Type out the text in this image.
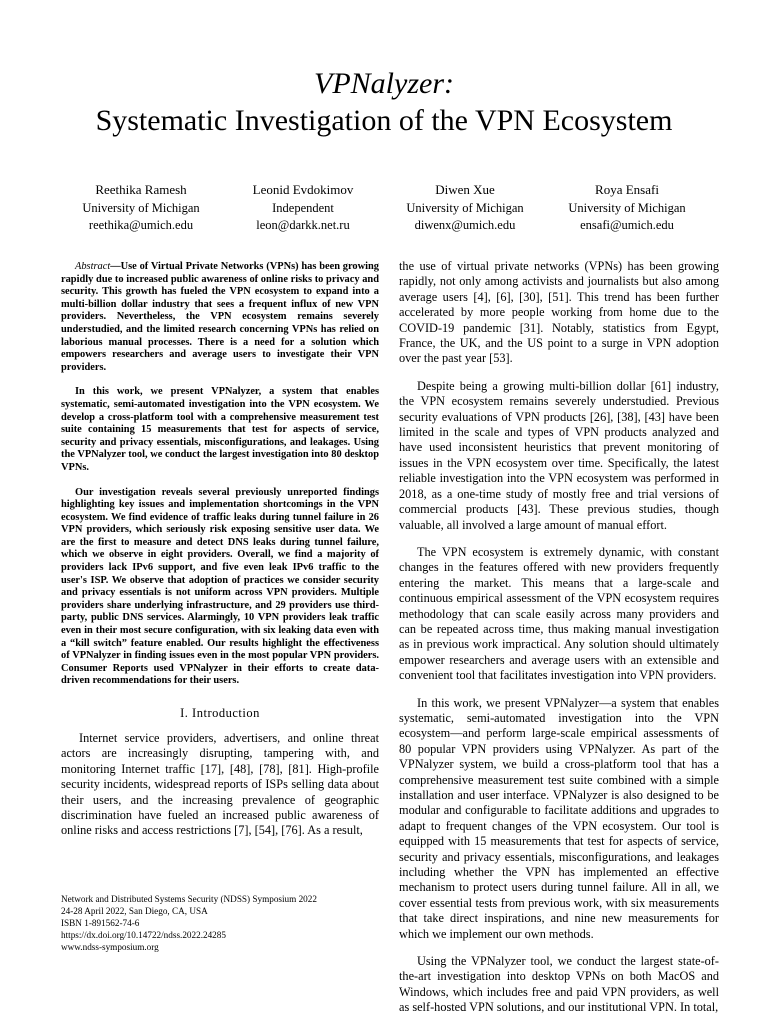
VPNalyzer:
Systematic Investigation of the VPN Ecosystem
Reethika Ramesh
University of Michigan
reethika@umich.edu
Leonid Evdokimov
Independent
leon@darkk.net.ru
Diwen Xue
University of Michigan
diwenx@umich.edu
Roya Ensafi
University of Michigan
ensafi@umich.edu

Abstract—Use of Virtual Private Networks (VPNs) has been growing rapidly due to increased public awareness of online risks to privacy and security. This growth has fueled the VPN ecosystem to expand into a multi-billion dollar industry that sees a frequent influx of new VPN providers. Nevertheless, the VPN ecosystem remains severely understudied, and the limited research concerning VPNs has relied on laborious manual processes. There is a need for a solution which empowers researchers and average users to investigate their VPN providers.

In this work, we present VPNalyzer, a system that enables systematic, semi-automated investigation into the VPN ecosystem. We develop a cross-platform tool with a comprehensive measurement test suite containing 15 measurements that test for aspects of service, security and privacy essentials, misconfigurations, and leakages. Using the VPNalyzer tool, we conduct the largest investigation into 80 desktop VPNs.

Our investigation reveals several previously unreported findings highlighting key issues and implementation shortcomings in the VPN ecosystem. We find evidence of traffic leaks during tunnel failure in 26 VPN providers, which seriously risk exposing sensitive user data. We are the first to measure and detect DNS leaks during tunnel failure, which we observe in eight providers. Overall, we find a majority of providers lack IPv6 support, and five even leak IPv6 traffic to the user's ISP. We observe that adoption of practices we consider security and privacy essentials is not uniform across VPN providers. Multiple providers share underlying infrastructure, and 29 providers use third-party, public DNS services. Alarmingly, 10 VPN providers leak traffic even in their most secure configuration, with six leaking data even with a “kill switch” feature enabled. Our results highlight the effectiveness of VPNalyzer in finding issues even in the most popular VPN providers. Consumer Reports used VPNalyzer in their efforts to create data-driven recommendations for their users.

I. Introduction

Internet service providers, advertisers, and online threat actors are increasingly disrupting, tampering with, and monitoring Internet traffic [17], [48], [78], [81]. High-profile security incidents, widespread reports of ISPs selling data about their users, and the increasing prevalence of geographic discrimination have fueled an increased public awareness of online risks and access restrictions [7], [54], [76]. As a result,

Network and Distributed Systems Security (NDSS) Symposium 2022
24-28 April 2022, San Diego, CA, USA
ISBN 1-891562-74-6
https://dx.doi.org/10.14722/ndss.2022.24285
www.ndss-symposium.org

the use of virtual private networks (VPNs) has been growing rapidly, not only among activists and journalists but also among average users [4], [6], [30], [51]. This trend has been further accelerated by more people working from home due to the COVID-19 pandemic [31]. Notably, statistics from Egypt, France, the UK, and the US point to a surge in VPN adoption over the past year [53].

Despite being a growing multi-billion dollar [61] industry, the VPN ecosystem remains severely understudied. Previous security evaluations of VPN products [26], [38], [43] have been limited in the scale and types of VPN products analyzed and have used inconsistent heuristics that prevent monitoring of issues in the VPN ecosystem over time. Specifically, the latest reliable investigation into the VPN ecosystem was performed in 2018, as a one-time study of mostly free and trial versions of commercial products [43]. These previous studies, though valuable, all involved a large amount of manual effort.

The VPN ecosystem is extremely dynamic, with constant changes in the features offered with new providers frequently entering the market. This means that a large-scale and continuous empirical assessment of the VPN ecosystem requires methodology that can scale easily across many providers and can be repeated across time, thus making manual investigation as in previous work impractical. Any solution should ultimately empower researchers and average users with an extensible and convenient tool that facilitates investigation into VPN providers.

In this work, we present VPNalyzer—a system that enables systematic, semi-automated investigation into the VPN ecosystem—and perform large-scale empirical assessments of 80 popular VPN providers using VPNalyzer. As part of the VPNalyzer system, we build a cross-platform tool that has a comprehensive measurement test suite combined with a simple installation and user interface. VPNalyzer is also designed to be modular and configurable to facilitate additions and upgrades to adapt to frequent changes of the VPN ecosystem. Our tool is equipped with 15 measurements that test for aspects of service, security and privacy essentials, misconfigurations, and leakages including whether the VPN has implemented an effective mechanism to protect users during tunnel failure. All in all, we cover essential tests from previous work, with six measurements that take direct inspirations, and nine new measurements for which we implement our own methods.

Using the VPNalyzer tool, we conduct the largest state-of-the-art investigation into desktop VPNs on both MacOS and Windows, which includes free and paid VPN providers, as well as self-hosted VPN solutions, and our institutional VPN. In total,
